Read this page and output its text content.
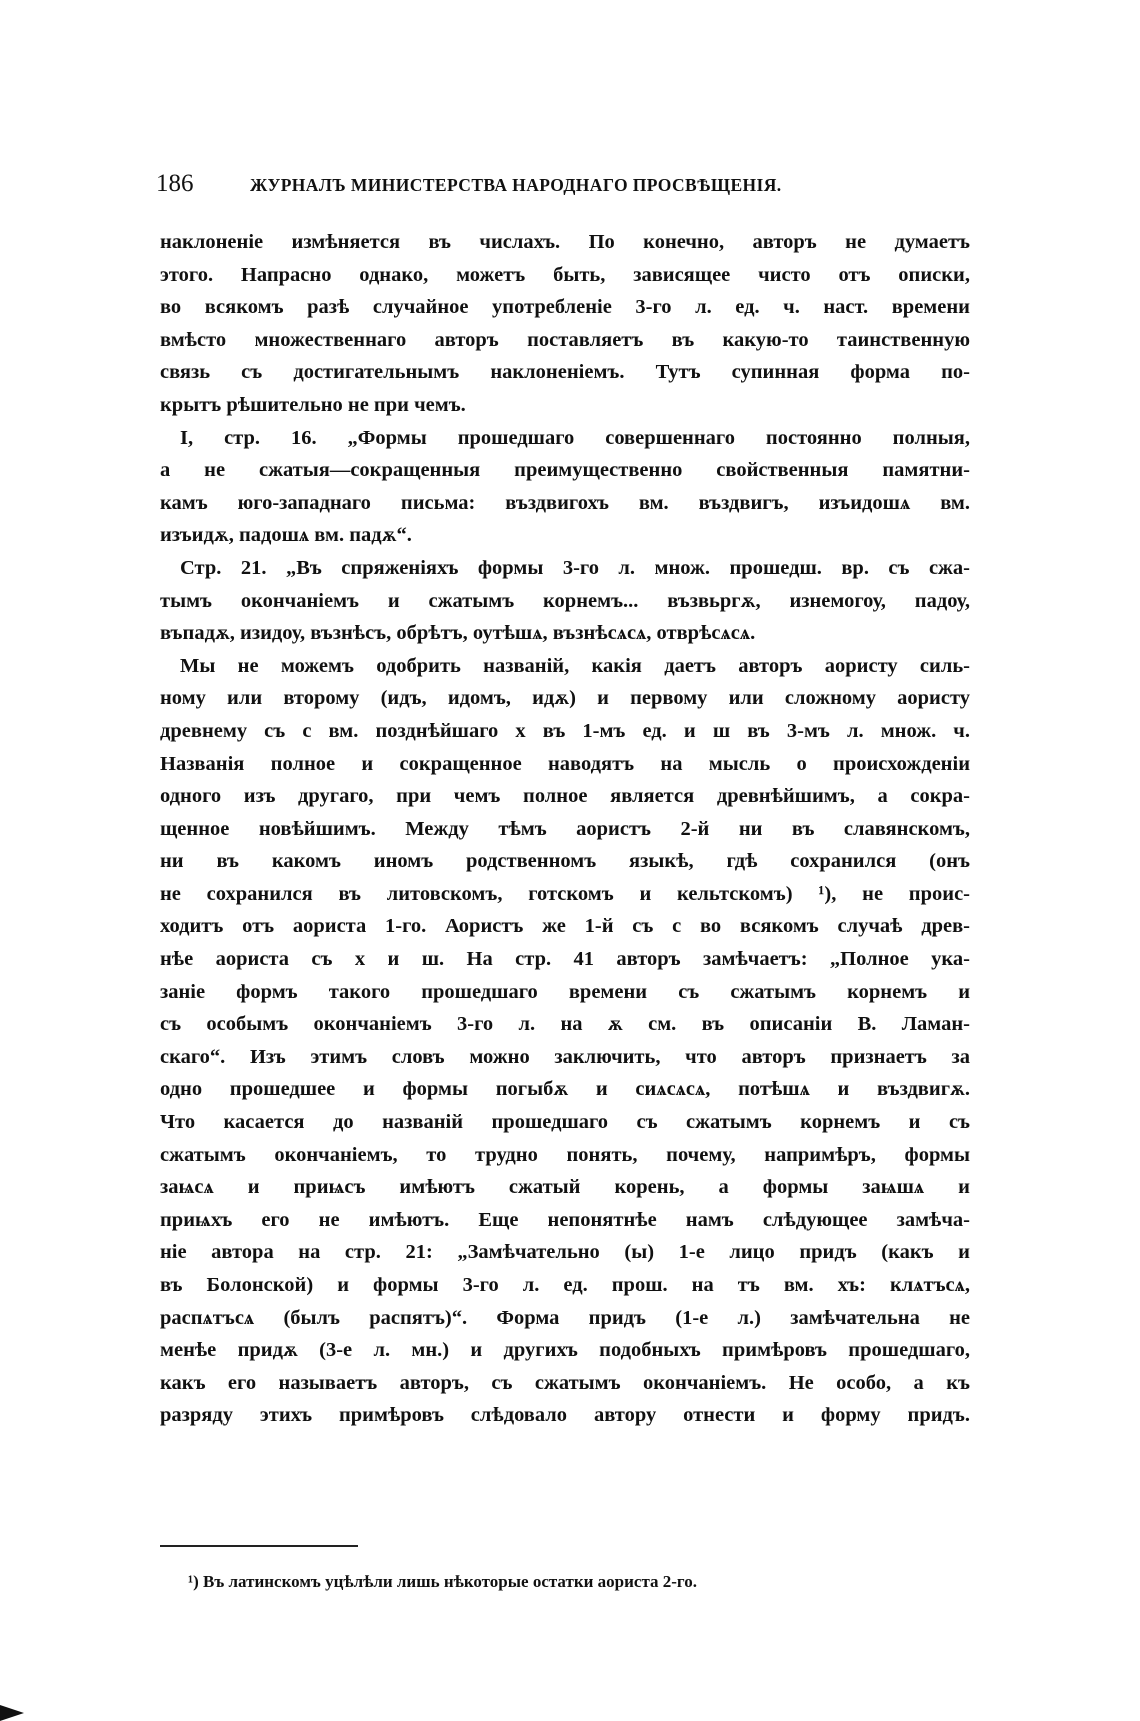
186	ЖУРНАЛЪ МИНИСТЕРСТВА НАРОДНАГО ПРОСВѢЩЕНІЯ.
наклоненіе измѣняется въ числахъ. По конечно, авторъ не думаетъ
этого. Напрасно однако, можетъ быть, зависящее чисто отъ описки,
во всякомъ разѣ случайное употребленіе 3-го л. ед. ч. наст. времени
вмѣсто множественнаго авторъ поставляетъ въ какую-то таинственную
связь съ достигательнымъ наклоненіемъ. Тутъ супинная форма по-
крытъ рѣшительно не при чемъ.
I, стр. 16. „Формы прошедшаго совершеннаго постоянно полныя,
а не сжатыя—сокращенныя преимущественно свойственныя памятни-
камъ юго-западнаго письма: въздвигохъ вм. въздвигъ, изъидошѧ вм.
изъидѫ, падошѧ вм. падѫ“.
Стр. 21. „Въ спряженіяхъ формы 3-го л. множ. прошедш. вр. съ сжа-
тымъ окончаніемъ и сжатымъ корнемъ... възвьргѫ, изнемогоу, падоу,
въпадѫ, изидоу, възнѣсъ, обрѣтъ, оутѣшѧ, възнѣсѧсѧ, отврѣсѧсѧ.
Мы не можемъ одобрить названій, какія даетъ авторъ аористу силь-
ному или второму (идъ, идомъ, идѫ) и первому или сложному аористу
древнему съ с вм. позднѣйшаго х въ 1-мъ ед. и ш въ 3-мъ л. множ. ч.
Названія полное и сокращенное наводятъ на мысль о происхожденіи
одного изъ другаго, при чемъ полное является древнѣйшимъ, а сокра-
щенное новѣйшимъ. Между тѣмъ аористъ 2-й ни въ славянскомъ,
ни въ какомъ иномъ родственномъ языкѣ, гдѣ сохранился (онъ
не сохранился въ литовскомъ, готскомъ и кельтскомъ) ¹), не проис-
ходитъ отъ аориста 1-го. Аористъ же 1-й съ с во всякомъ случаѣ древ-
нѣе аориста съ х и ш. На стр. 41 авторъ замѣчаетъ: „Полное ука-
заніе формъ такого прошедшаго времени съ сжатымъ корнемъ и
съ особымъ окончаніемъ 3-го л. на ѫ см. въ описаніи В. Ламан-
скаго“. Изъ этимъ словъ можно заключить, что авторъ признаетъ за
одно прошедшее и формы погыбѫ и сиѧсѧсѧ, потѣшѧ и въздвигѫ.
Что касается до названій прошедшаго съ сжатымъ корнемъ и съ
сжатымъ окончаніемъ, то трудно понять, почему, напримѣръ, формы
заѩсѧ и приѩсъ имѣютъ сжатый корень, а формы заѩшѧ и
приѩхъ его не имѣютъ. Еще непонятнѣе намъ слѣдующее замѣча-
ніе автора на стр. 21: „Замѣчательно (ы) 1-е лицо придъ (какъ и
въ Болонской) и формы 3-го л. ед. прош. на тъ вм. хъ: клѧтъсѧ,
распѧтъсѧ (былъ распятъ)“. Форма придъ (1-е л.) замѣчательна не
менѣе придѫ (3-е л. мн.) и другихъ подобныхъ примѣровъ прошедшаго,
какъ его называетъ авторъ, съ сжатымъ окончаніемъ. Не особо, а къ
разряду этихъ примѣровъ слѣдовало автору отнести и форму придъ.
¹) Въ латинскомъ уцѣлѣли лишь нѣкоторые остатки аориста 2-го.
